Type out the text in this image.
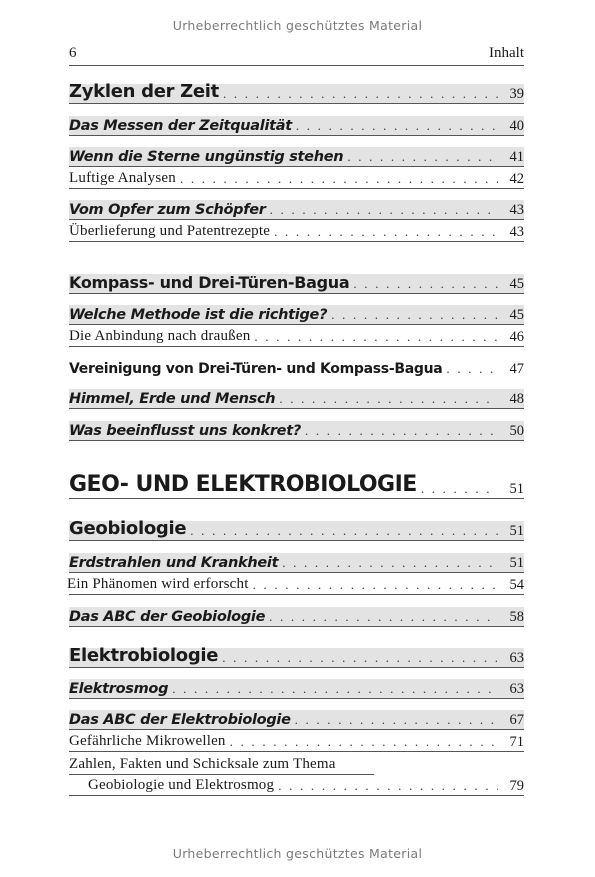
Urheberrechtlich geschütztes Material
6	Inhalt
Zyklen der Zeit . . .	39
Das Messen der Zeitqualität . . .	40
Wenn die Sterne ungünstig stehen . . .	41
Luftige Analysen . . .	42
Vom Opfer zum Schöpfer . . .	43
Überlieferung und Patentrezepte . . .	43
Kompass- und Drei-Türen-Bagua . . .	45
Welche Methode ist die richtige? . . .	45
Die Anbindung nach draußen . . .	46
Vereinigung von Drei-Türen- und Kompass-Bagua . . .	47
Himmel, Erde und Mensch . . .	48
Was beeinflusst uns konkret? . . .	50
GEO- UND ELEKTROBIOLOGIE . . .	51
Geobiologie . . .	51
Erdstrahlen und Krankheit . . .	51
Ein Phänomen wird erforscht . . .	54
Das ABC der Geobiologie . . .	58
Elektrobiologie . . .	63
Elektrosmog . . .	63
Das ABC der Elektrobiologie . . .	67
Gefährliche Mikrowellen . . .	71
Zahlen, Fakten und Schicksale zum Thema
Geobiologie und Elektrosmog . . .	79
Urheberrechtlich geschütztes Material
